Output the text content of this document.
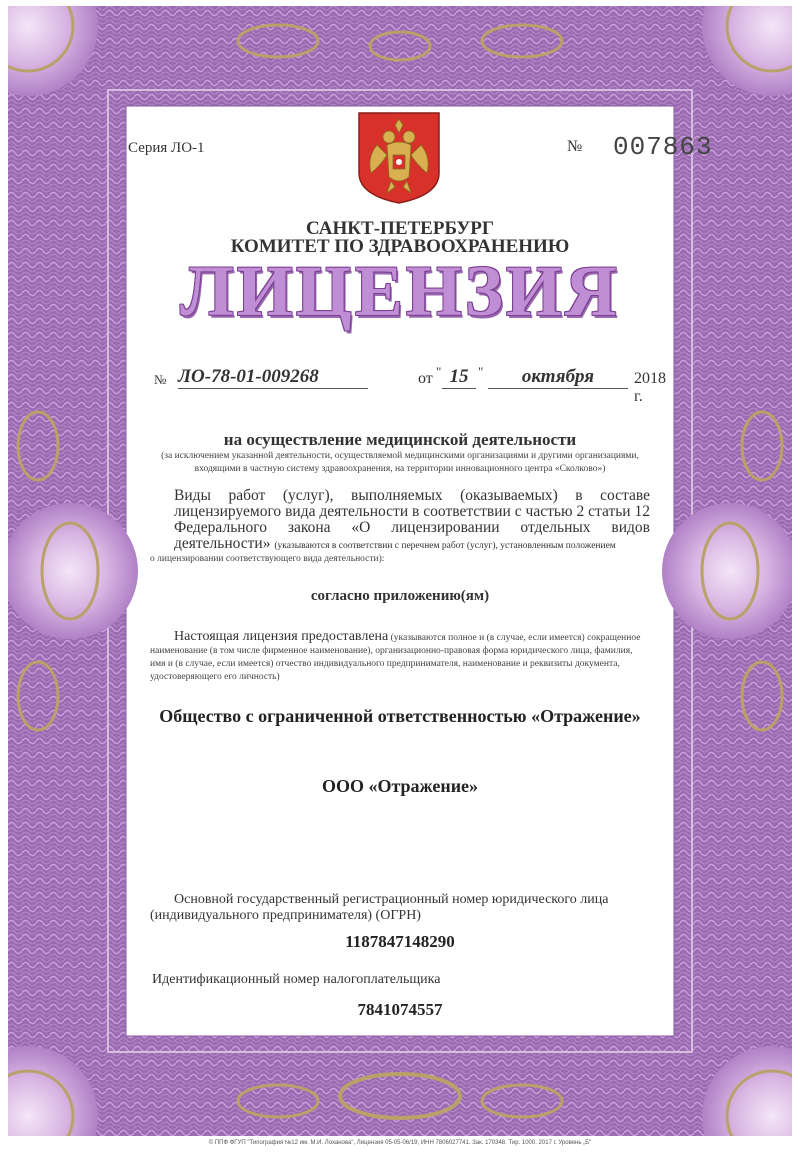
Серия ЛО-1	№ 007863
САНКТ-ПЕТЕРБУРГ
КОМИТЕТ ПО ЗДРАВООХРАНЕНИЮ
ЛИЦЕНЗИЯ
№ ЛО-78-01-009268	от " 15 "	октября	2018 г.
на осуществление медицинской деятельности
(за исключением указанной деятельности, осуществляемой медицинскими организациями и другими организациями, входящими в частную систему здравоохранения, на территории инновационного центра «Сколково»)
Виды работ (услуг), выполняемых (оказываемых) в составе лицензируемого вида деятельности в соответствии с частью 2 статьи 12 Федерального закона «О лицензировании отдельных видов деятельности» (указываются в соответствии с перечнем работ (услуг), установленным положением
о лицензировании соответствующего вида деятельности):
согласно приложению(ям)
Настоящая лицензия предоставлена (указываются полное и (в случае, если имеется) сокращенное наименование (в том числе фирменное наименование), организационно-правовая форма юридического лица, фамилия, имя и (в случае, если имеется) отчество индивидуального предпринимателя, наименование и реквизиты документа, удостоверяющего его личность)
Общество с ограниченной ответственностью «Отражение»
ООО «Отражение»
Основной государственный регистрационный номер юридического лица (индивидуального предпринимателя) (ОГРН)
1187847148290
Идентификационный номер налогоплательщика
7841074557
© ППФ ФГУП "Типография №12 им. М.И. Лоханова", Лицензия 05-05-06/19, ИНН 7806027741. Зак. 170348. Тир. 1000. 2017 г. Уровень „Б"
